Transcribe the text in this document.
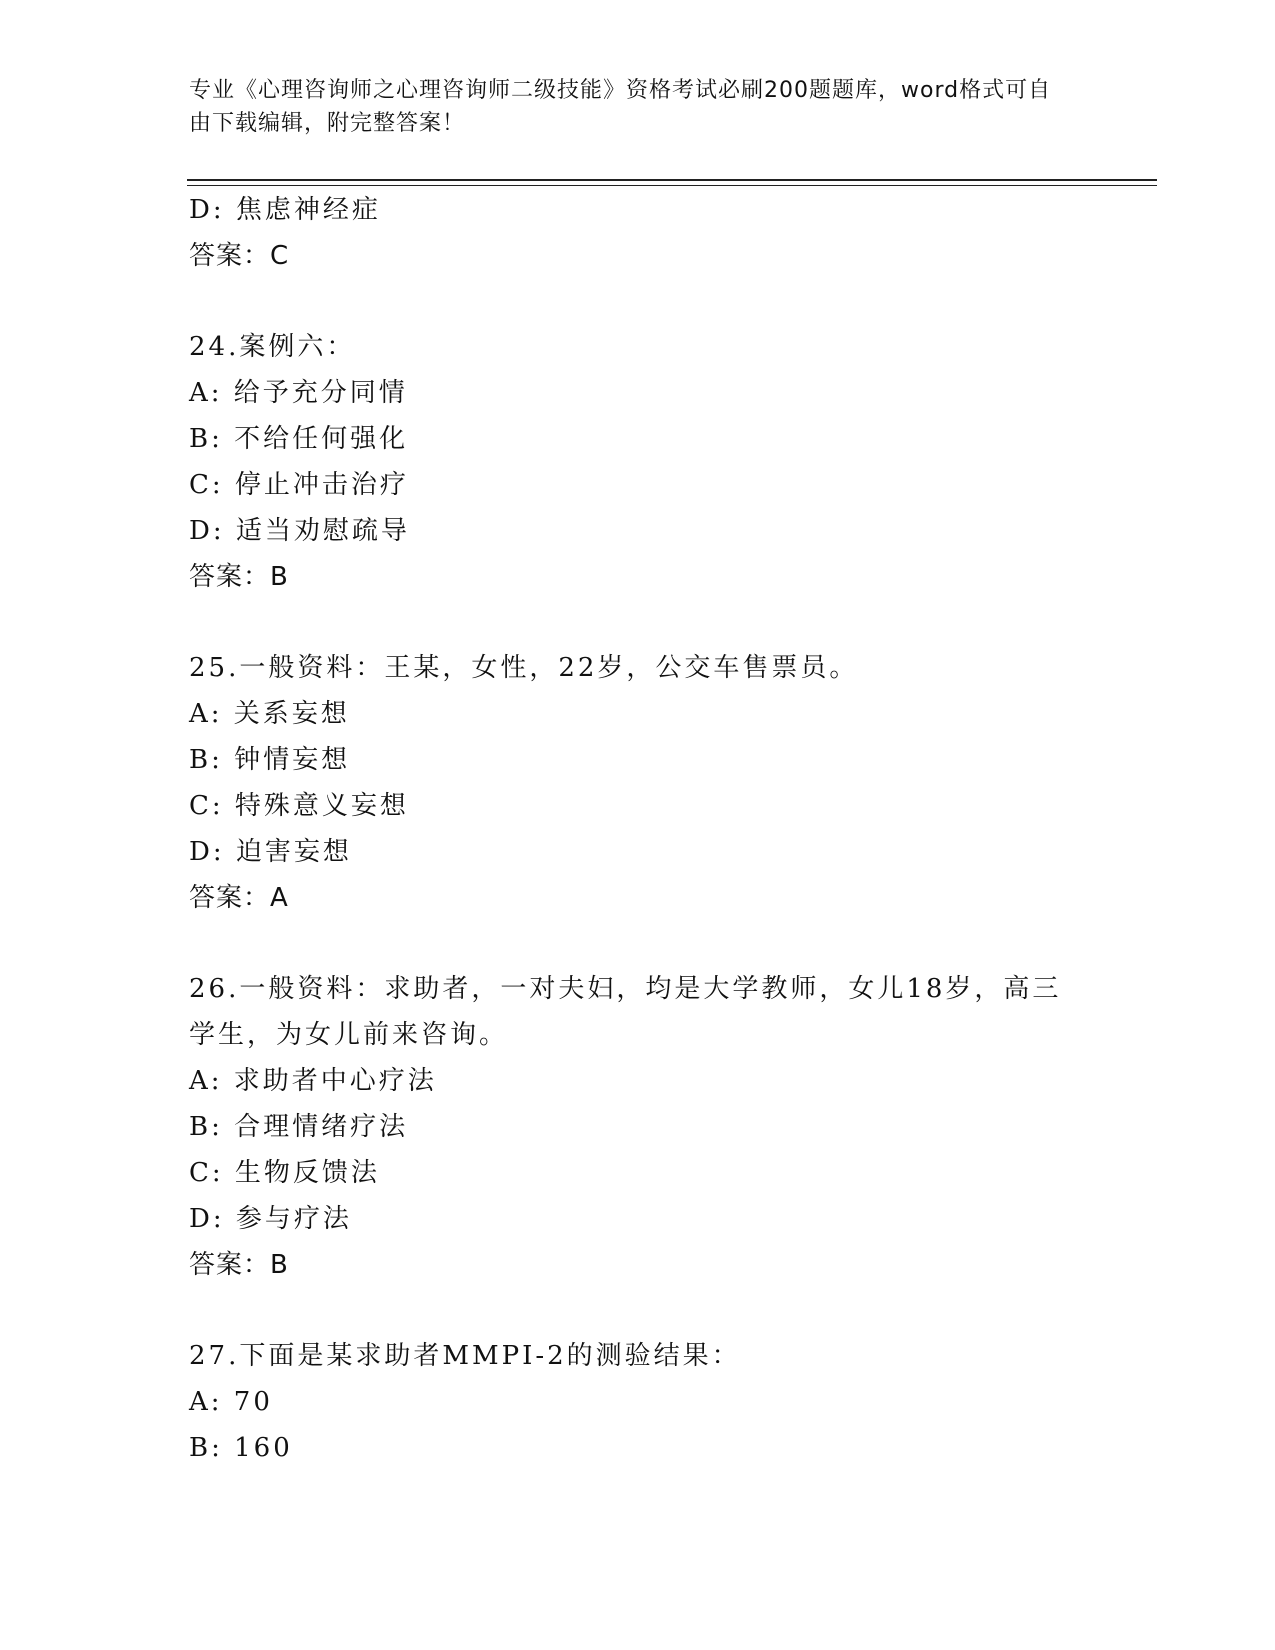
专业《心理咨询师之心理咨询师二级技能》资格考试必刷200题题库，word格式可自由下载编辑，附完整答案！
D: 焦虑神经症
答案：C
24.案例六：
A: 给予充分同情
B: 不给任何强化
C: 停止冲击治疗
D: 适当劝慰疏导
答案：B
25.一般资料：王某，女性，22岁，公交车售票员。
A: 关系妄想
B: 钟情妄想
C: 特殊意义妄想
D: 迫害妄想
答案：A
26.一般资料：求助者，一对夫妇，均是大学教师，女儿18岁，高三学生，为女儿前来咨询。
A: 求助者中心疗法
B: 合理情绪疗法
C: 生物反馈法
D: 参与疗法
答案：B
27.下面是某求助者MMPI-2的测验结果：
A: 70
B: 160
